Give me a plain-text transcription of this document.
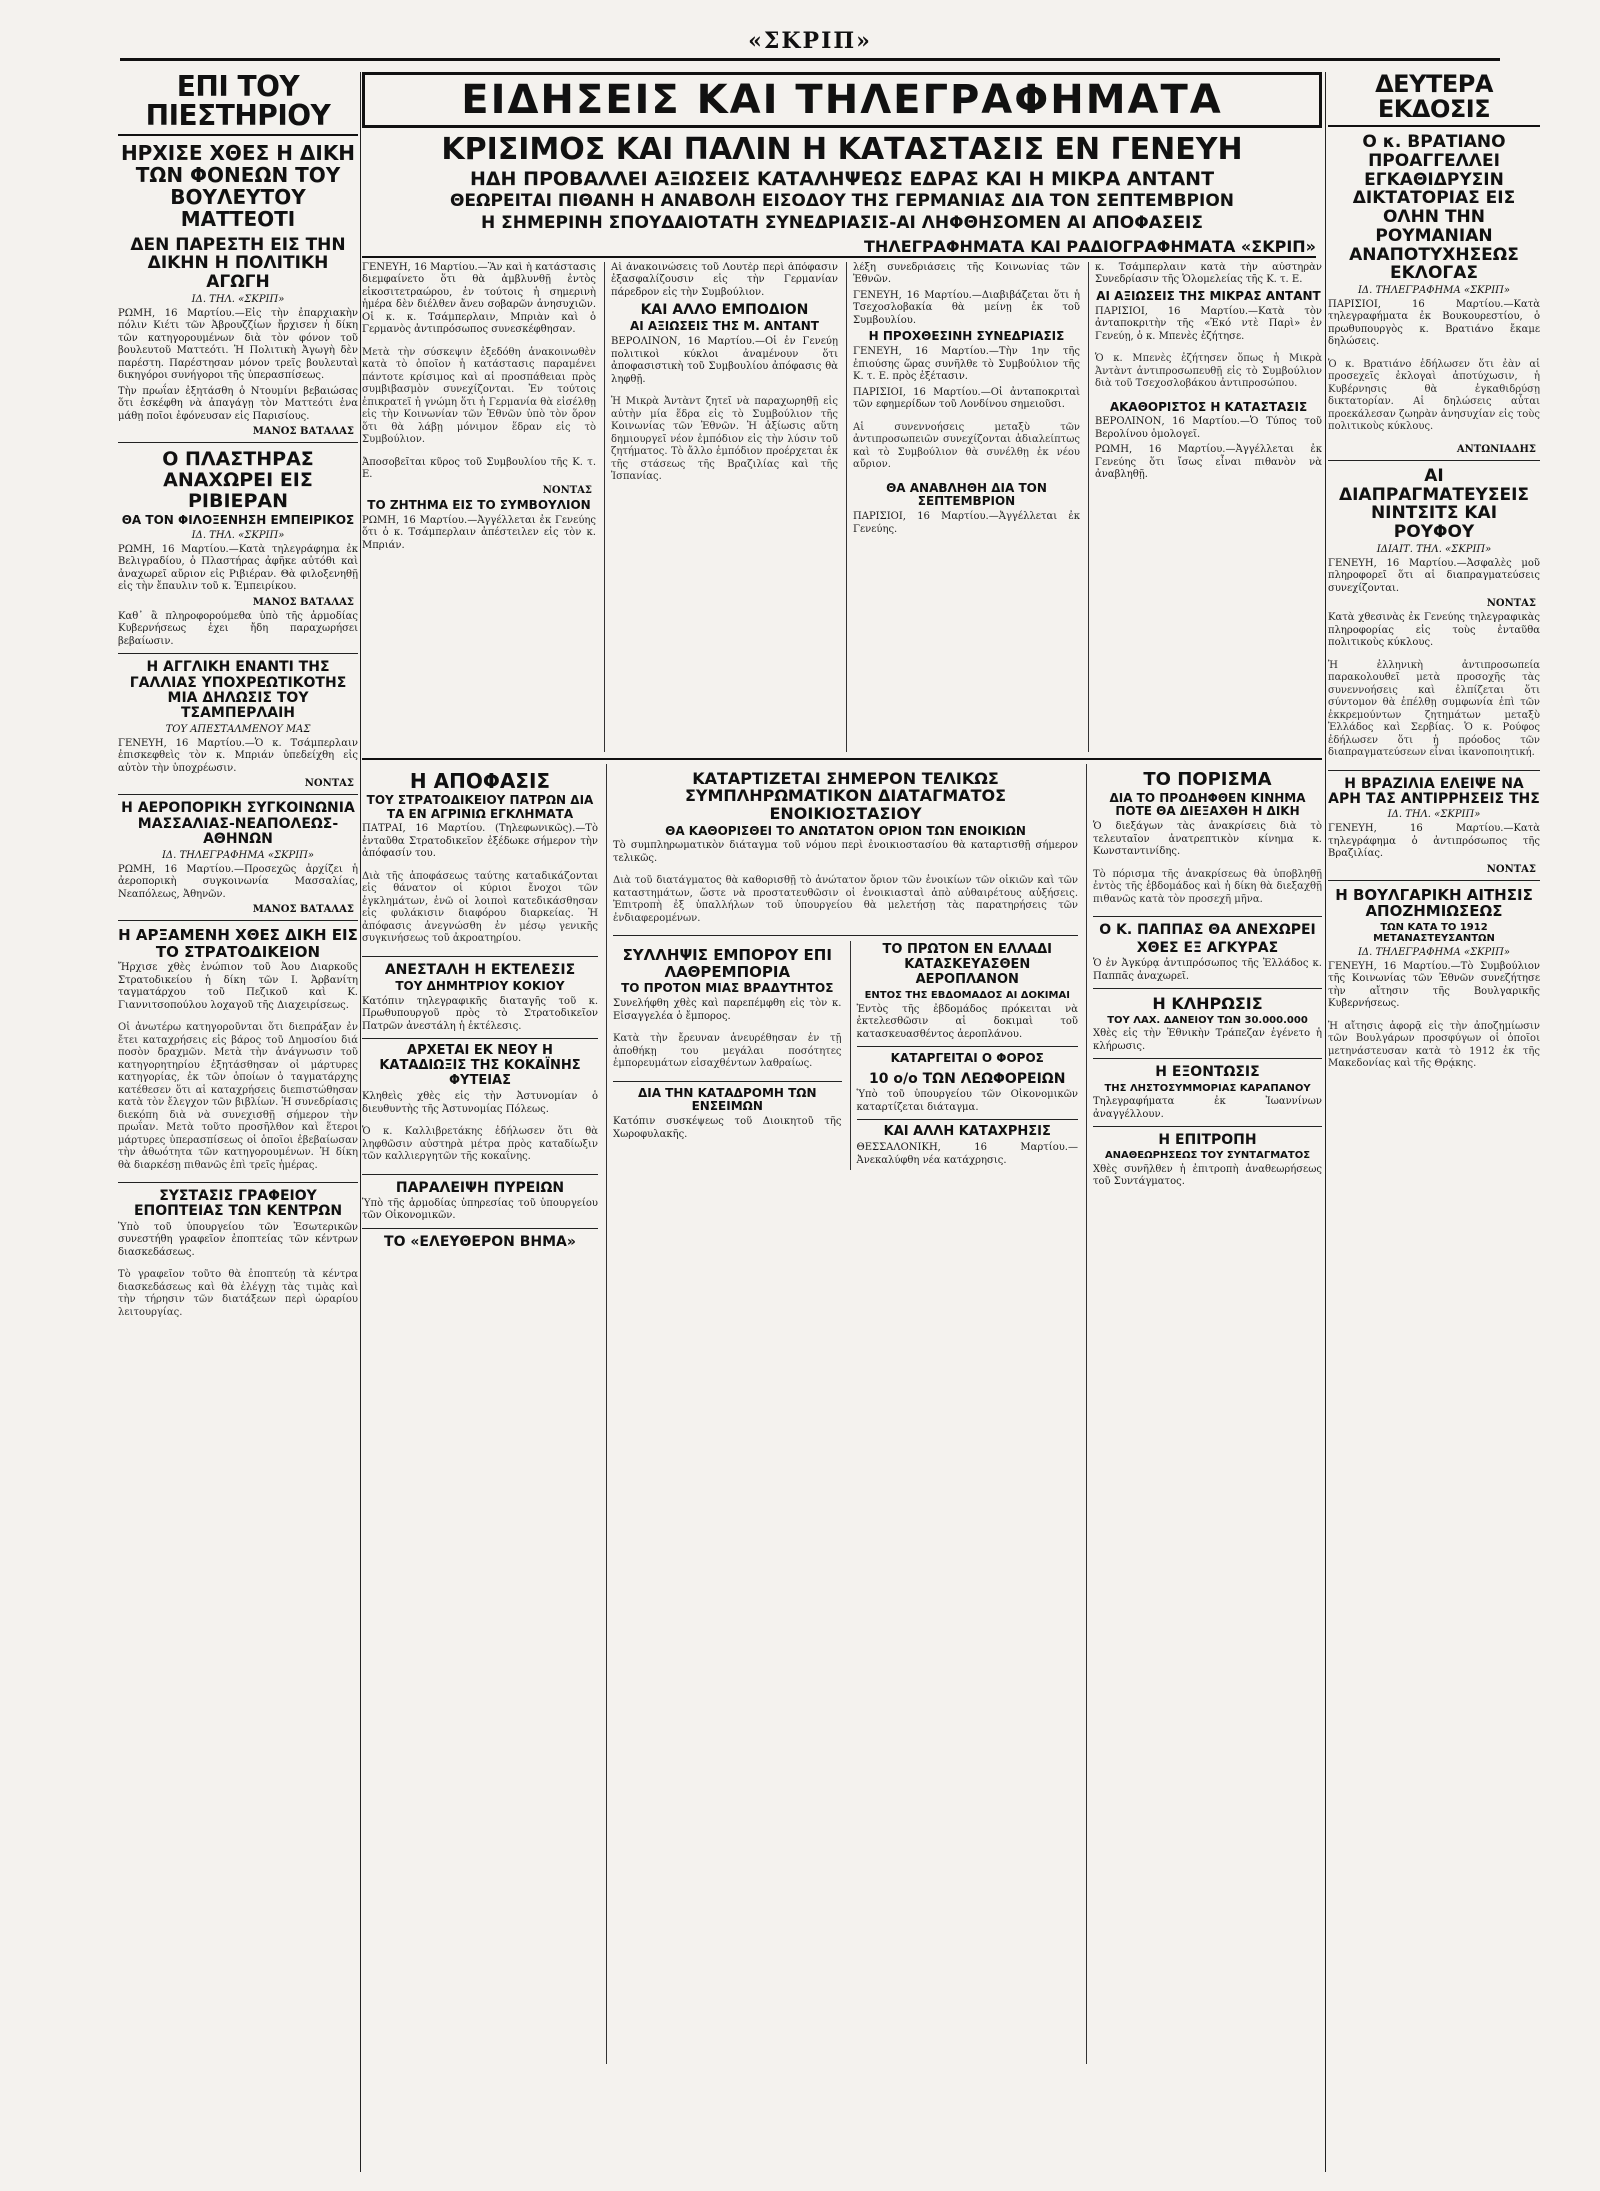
«ΣΚΡΙΠ»
ΕΠΙ ΤΟΥ ΠΙΕΣΤΗΡΙΟΥ
ΗΡΧΙΣΕ ΧΘΕΣ Η ΔΙΚΗ ΤΩΝ ΦΟΝΕΩΝ ΤΟΥ ΒΟΥΛΕΥΤΟΥ ΜΑΤΤΕΟΤΙ
ΔΕΝ ΠΑΡΕΣΤΗ ΕΙΣ ΤΗΝ ΔΙΚΗΝ Η ΠΟΛΙΤΙΚΗ ΑΓΩΓΗ
ΙΔ. ΤΗΛ. «ΣΚΡΙΠ»

ΡΩΜΗ, 16 Μαρτίου.—Εἰς τὴν ἐπαρχιακὴν πόλιν Κιέτι τῶν Ἀβρουζζίων ἤρχισεν ἡ δίκη τῶν κατηγορουμένων διὰ τὸν φόνον τοῦ βουλευτοῦ Ματτεότι. Ἡ Πολιτικὴ Ἀγωγὴ δὲν παρέστη. Παρέστησαν μόνον τρεῖς βουλευταὶ δικηγόροι συνήγοροι τῆς ὑπερασπίσεως.

Τὴν πρωΐαν ἐξητάσθη ὁ Ντουμίνι βεβαιώσας ὅτι ἐσκέφθη νὰ ἀπαγάγῃ τὸν Ματτεότι ἐνα μάθῃ ποῖοι ἐφόνευσαν εἰς Παρισίους.

ΜΑΝΟΣ ΒΑΤΑΛΑΣ
Ο ΠΛΑΣΤΗΡΑΣ ΑΝΑΧΩΡΕΙ ΕΙΣ ΡΙΒΙΕΡΑΝ
ΘΑ ΤΟΝ ΦΙΛΟΞΕΝΗΣΗ ΕΜΠΕΙΡΙΚΟΣ
ΙΔ. ΤΗΛ. «ΣΚΡΙΠ»

ΡΩΜΗ, 16 Μαρτίου.—Κατὰ τηλεγράφημα ἐκ Βελιγραδίου, ὁ Πλαστήρας ἀφῆκε αὐτόθι καὶ ἀναχωρεῖ αὔριον εἰς Ριβιέραν. Θὰ φιλοξενηθῇ εἰς τὴν ἔπαυλιν τοῦ κ. Ἐμπειρίκου.

ΜΑΝΟΣ ΒΑΤΑΛΑΣ

Καθ᾽ ἃ πληροφορούμεθα ὑπὸ τῆς ἀρμοδίας Κυβερνήσεως ἐχει ἤδη παραχωρήσει βεβαίωσιν.

Η ΑΓΓΛΙΚΗ ΕΝΑΝΤΙ ΤΗΣ ΓΑΛΛΙΑΣ ΥΠΟΧΡΕΩΤΙΚΟΤΗΣ ΜΙΑ ΔΗΛΩΣΙΣ ΤΟΥ ΤΣΑΜΠΕΡΛΑΙΗ
ΤΟΥ ΑΠΕΣΤΑΛΜΕΝΟΥ ΜΑΣ

ΓΕΝΕΥΗ, 16 Μαρτίου.—Ὁ κ. Τσάμπερλαιν ἐπισκεφθεὶς τὸν κ. Μπριάν ὑπεδείχθη εἰς αὐτὸν τὴν ὑποχρέωσιν.

ΝΟΝΤΑΣ
Η ΑΕΡΟΠΟΡΙΚΗ ΣΥΓΚΟΙΝΩΝΙΑ ΜΑΣΣΑΛΙΑΣ-ΝΕΑΠΟΛΕΩΣ-ΑΘΗΝΩΝ
ΙΔ. ΤΗΛΕΓΡΑΦΗΜΑ «ΣΚΡΙΠ»

ΡΩΜΗ, 16 Μαρτίου.—Προσεχῶς ἀρχίζει ἡ ἀεροπορικὴ συγκοινωνία Μασσαλίας, Νεαπόλεως, Ἀθηνῶν.

ΜΑΝΟΣ ΒΑΤΑΛΑΣ
Η ΑΡΞΑΜΕΝΗ ΧΘΕΣ ΔΙΚΗ ΕΙΣ ΤΟ ΣΤΡΑΤΟΔΙΚΕΙΟΝ

Ἤρχισε χθὲς ἐνώπιον τοῦ Ἀου Διαρκοῦς Στρατοδικείου ἡ δίκη τῶν Ι. Ἀρβανίτη ταγματάρχου τοῦ Πεζικοῦ καὶ Κ. Γιαννιτσοπούλου λοχαγοῦ τῆς Διαχειρίσεως.

Οἱ ἀνωτέρω κατηγοροῦνται ὅτι διεπράξαν ἐν ἔτει καταχρήσεις εἰς βάρος τοῦ Δημοσίου διά ποσὸν δραχμῶν. Μετὰ τὴν ἀνάγνωσιν τοῦ κατηγορητηρίου ἐξητάσθησαν οἱ μάρτυρες κατηγορίας, ἐκ τῶν ὁποίων ὁ ταγματάρχης κατέθεσεν ὅτι αἱ καταχρήσεις διεπιστώθησαν κατὰ τὸν ἔλεγχον τῶν βιβλίων. Ἡ συνεδρίασις διεκόπη διὰ νὰ συνεχισθῇ σήμερον τὴν πρωΐαν. Μετὰ τοῦτο προσῆλθον καὶ ἕτεροι μάρτυρες ὑπερασπίσεως οἱ ὁποῖοι ἐβεβαίωσαν τὴν ἀθωότητα τῶν κατηγορουμένων. Ἡ δίκη θὰ διαρκέσῃ πιθανῶς ἐπὶ τρεῖς ἡμέρας.

ΣΥΣΤΑΣΙΣ ΓΡΑΦΕΙΟΥ ΕΠΟΠΤΕΙΑΣ ΤΩΝ ΚΕΝΤΡΩΝ

Ὑπὸ τοῦ ὑπουργείου τῶν Ἐσωτερικῶν συνεστήθη γραφεῖον ἐποπτείας τῶν κέντρων διασκεδάσεως.

Τὸ γραφεῖον τοῦτο θὰ ἐποπτεύῃ τὰ κέντρα διασκεδάσεως καὶ θὰ ἐλέγχῃ τὰς τιμὰς καὶ τὴν τήρησιν τῶν διατάξεων περὶ ὡραρίου λειτουργίας.

ΕΙΔΗΣΕΙΣ ΚΑΙ ΤΗΛΕΓΡΑΦΗΜΑΤΑ
ΚΡΙΣΙΜΟΣ ΚΑΙ ΠΑΛΙΝ Η ΚΑΤΑΣΤΑΣΙΣ ΕΝ ΓΕΝΕΥΗ
ΗΔΗ ΠΡΟΒΑΛΛΕΙ ΑΞΙΩΣΕΙΣ ΚΑΤΑΛΗΨΕΩΣ ΕΔΡΑΣ ΚΑΙ Η ΜΙΚΡΑ ΑΝΤΑΝΤ
ΘΕΩΡΕΙΤΑΙ ΠΙΘΑΝΗ Η ΑΝΑΒΟΛΗ ΕΙΣΟΔΟΥ ΤΗΣ ΓΕΡΜΑΝΙΑΣ ΔΙΑ ΤΟΝ ΣΕΠΤΕΜΒΡΙΟΝ
Η ΣΗΜΕΡΙΝΗ ΣΠΟΥΔΑΙΟΤΑΤΗ ΣΥΝΕΔΡΙΑΣΙΣ-ΑΙ ΛΗΦΘΗΣΟΜΕΝ ΑΙ ΑΠΟΦΑΣΕΙΣ
ΤΗΛΕΓΡΑΦΗΜΑΤΑ ΚΑΙ ΡΑΔΙΟΓΡΑΦΗΜΑΤΑ «ΣΚΡΙΠ»

ΓΕΝΕΥΗ, 16 Μαρτίου.—Ἂν καὶ ἡ κατάστασις διεμφαίνετο ὅτι θὰ ἀμβλυνθῇ ἐντὸς εἰκοσιτετραώρου, ἐν τούτοις ἡ σημερινὴ ἡμέρα δὲν διέλθεν ἄνευ σοβαρῶν ἀνησυχιῶν. Οἱ κ. κ. Τσάμπερλαιν, Μπριὰν καὶ ὁ Γερμανὸς ἀντιπρόσωπος συνεσκέφθησαν.

Μετὰ τὴν σύσκεψιν ἐξεδόθη ἀνακοινωθὲν κατὰ τὸ ὁποῖον ἡ κατάστασις παραμένει πάντοτε κρίσιμος καὶ αἱ προσπάθειαι πρὸς συμβιβασμὸν συνεχίζονται. Ἐν τούτοις ἐπικρατεῖ ἡ γνώμη ὅτι ἡ Γερμανία θὰ εἰσέλθῃ εἰς τὴν Κοινωνίαν τῶν Ἐθνῶν ὑπὸ τὸν ὅρον ὅτι θὰ λάβῃ μόνιμον ἕδραν εἰς τὸ Συμβούλιον.

Ἀποσοβεῖται κῦρος τοῦ Συμβουλίου τῆς Κ. τ. Ε.

ΝΟΝΤΑΣ
ΤΟ ΖΗΤΗΜΑ ΕΙΣ ΤΟ ΣΥΜΒΟΥΛΙΟΝ

ΡΩΜΗ, 16 Μαρτίου.—Ἀγγέλλεται ἐκ Γενεύης ὅτι ὁ κ. Τσάμπερλαιν ἀπέστειλεν εἰς τὸν κ. Μπριάν.

Αἱ ἀνακοινώσεις τοῦ Λουτὲρ περὶ ἀπόφασιν ἐξασφαλίζουσιν εἰς τὴν Γερμανίαν πάρεδρον εἰς τὴν Συμβούλιον.

ΚΑΙ ΑΛΛΟ ΕΜΠΟΔΙΟΝ
ΑΙ ΑΞΙΩΣΕΙΣ ΤΗΣ Μ. ΑΝΤΑΝΤ

ΒΕΡΟΛΙΝΟΝ, 16 Μαρτίου.—Οἱ ἐν Γενεύῃ πολιτικοὶ κύκλοι ἀναμένουν ὅτι ἀποφασιστικὴ τοῦ Συμβουλίου ἀπόφασις θὰ ληφθῇ.

Ἡ Μικρὰ Ἀντὰντ ζητεῖ νὰ παραχωρηθῇ εἰς αὐτὴν μία ἕδρα εἰς τὸ Συμβούλιον τῆς Κοινωνίας τῶν Ἐθνῶν. Ἡ ἀξίωσις αὕτη δημιουργεῖ νέον ἐμπόδιον εἰς τὴν λύσιν τοῦ ζητήματος. Τὸ ἄλλο ἐμπόδιον προέρχεται ἐκ τῆς στάσεως τῆς Βραζιλίας καὶ τῆς Ἱσπανίας.

λέξη συνεδριάσεις τῆς Κοινωνίας τῶν Ἐθνῶν.

ΓΕΝΕΥΗ, 16 Μαρτίου.—Διαβιβάζεται ὅτι ἡ Τσεχοσλοβακία θὰ μείνῃ ἐκ τοῦ Συμβουλίου.

Η ΠΡΟΧΘΕΣΙΝΗ ΣΥΝΕΔΡΙΑΣΙΣ

ΓΕΝΕΥΗ, 16 Μαρτίου.—Τὴν 1ην τῆς ἐπιούσης ὥρας συνῆλθε τὸ Συμβούλιον τῆς Κ. τ. Ε. πρὸς ἐξέτασιν.

ΠΑΡΙΣΙΟΙ, 16 Μαρτίου.—Οἱ ἀνταποκριταὶ τῶν εφημερίδων τοῦ Λονδίνου σημειοῦσι.

Αἱ συνεννοήσεις μεταξὺ τῶν ἀντιπροσωπειῶν συνεχίζονται ἀδιαλείπτως καὶ τὸ Συμβούλιον θὰ συνέλθῃ ἐκ νέου αὔριον.

ΘΑ ΑΝΑΒΛΗΘΗ ΔΙΑ ΤΟΝ ΣΕΠΤΕΜΒΡΙΟΝ

ΠΑΡΙΣΙΟΙ, 16 Μαρτίου.—Ἀγγέλλεται ἐκ Γενεύης.

κ. Τσάμπερλαιν κατὰ τὴν αὐστηρὰν Συνεδρίασιν τῆς Ὁλομελείας τῆς Κ. τ. Ε.

ΑΙ ΑΞΙΩΣΕΙΣ ΤΗΣ ΜΙΚΡΑΣ ΑΝΤΑΝΤ

ΠΑΡΙΣΙΟΙ, 16 Μαρτίου.—Κατὰ τὸν ἀνταποκριτὴν τῆς «Ἐκό ντὲ Παρὶ» ἐν Γενεύῃ, ὁ κ. Μπενὲς ἐζήτησε.

Ὁ κ. Μπενὲς ἐζήτησεν ὅπως ἡ Μικρὰ Ἀντὰντ ἀντιπροσωπευθῇ εἰς τὸ Συμβούλιον διὰ τοῦ Τσεχοσλοβάκου ἀντιπροσώπου.

ΑΚΑΘΟΡΙΣΤΟΣ Η ΚΑΤΑΣΤΑΣΙΣ

ΒΕΡΟΛΙΝΟΝ, 16 Μαρτίου.—Ὁ Τύπος τοῦ Βερολίνου ὁμολογεῖ.

ΡΩΜΗ, 16 Μαρτίου.—Ἀγγέλλεται ἐκ Γενεύης ὅτι ἴσως εἶναι πιθανὸν νὰ ἀναβληθῇ.

Η ΑΠΟΦΑΣΙΣ
ΤΟΥ ΣΤΡΑΤΟΔΙΚΕΙΟΥ ΠΑΤΡΩΝ ΔΙΑ ΤΑ ΕΝ ΑΓΡΙΝΙΩ ΕΓΚΛΗΜΑΤΑ

ΠΑΤΡΑΙ, 16 Μαρτίου. (Τηλεφωνικῶς).—Τὸ ἐνταῦθα Στρατοδικεῖον ἐξέδωκε σήμερον τὴν ἀπόφασίν του.

Διὰ τῆς ἀποφάσεως ταύτης καταδικάζονται εἰς θάνατον οἱ κύριοι ἔνοχοι τῶν ἐγκλημάτων, ἐνῶ οἱ λοιποὶ κατεδικάσθησαν εἰς φυλάκισιν διαφόρου διαρκείας. Ἡ ἀπόφασις ἀνεγνώσθη ἐν μέσῳ γενικῆς συγκινήσεως τοῦ ἀκροατηρίου.

ΑΝΕΣΤΑΛΗ Η ΕΚΤΕΛΕΣΙΣ
ΤΟΥ ΔΗΜΗΤΡΙΟΥ ΚΟΚΙΟΥ

Κατόπιν τηλεγραφικῆς διαταγῆς τοῦ κ. Πρωθυπουργοῦ πρὸς τὸ Στρατοδικεῖον Πατρῶν ἀνεστάλη ἡ ἐκτέλεσις.

ΑΡΧΕΤΑΙ ΕΚ ΝΕΟΥ Η ΚΑΤΑΔΙΩΞΙΣ ΤΗΣ ΚΟΚΑΪΝΗΣ ΦΥΤΕΙΑΣ

Κληθεὶς χθὲς εἰς τὴν Ἀστυνομίαν ὁ διευθυντὴς τῆς Ἀστυνομίας Πόλεως.

Ὁ κ. Καλλιβρετάκης ἐδήλωσεν ὅτι θὰ ληφθῶσιν αὐστηρὰ μέτρα πρὸς καταδίωξιν τῶν καλλιεργητῶν τῆς κοκαΐνης.

ΠΑΡΑΛΕΙΨΗ ΠΥΡΕΙΩΝ

Ὑπὸ τῆς ἁρμοδίας ὑπηρεσίας τοῦ ὑπουργείου τῶν Οἰκονομικῶν.

ΤΟ «ΕΛΕΥΘΕΡΟΝ ΒΗΜΑ»
ΚΑΤΑΡΤΙΖΕΤΑΙ ΣΗΜΕΡΟΝ ΤΕΛΙΚΩΣ ΣΥΜΠΛΗΡΩΜΑΤΙΚΟΝ ΔΙΑΤΑΓΜΑΤΟΣ ΕΝΟΙΚΙΟΣΤΑΣΙΟΥ
ΘΑ ΚΑΘΟΡΙΣΘΕΙ ΤΟ ΑΝΩΤΑΤΟΝ ΟΡΙΟΝ ΤΩΝ ΕΝΟΙΚΙΩΝ

Τὸ συμπληρωματικὸν διάταγμα τοῦ νόμου περὶ ἐνοικιοστασίου θὰ καταρτισθῇ σήμερον τελικῶς.

Διὰ τοῦ διατάγματος θὰ καθορισθῇ τὸ ἀνώτατον ὅριον τῶν ἐνοικίων τῶν οἰκιῶν καὶ τῶν καταστημάτων, ὥστε νὰ προστατευθῶσιν οἱ ἐνοικιασταὶ ἀπὸ αὐθαιρέτους αὐξήσεις. Ἐπιτροπὴ ἐξ ὑπαλλήλων τοῦ ὑπουργείου θὰ μελετήσῃ τὰς παρατηρήσεις τῶν ἐνδιαφερομένων.

ΣΥΛΛΗΨΙΣ ΕΜΠΟΡΟΥ ΕΠΙ ΛΑΘΡΕΜΠΟΡΙΑ
ΤΟ ΠΡΟΤΟΝ ΜΙΑΣ ΒΡΑΔΥΤΗΤΟΣ

Συνελήφθη χθὲς καὶ παρεπέμφθη εἰς τὸν κ. Εἰσαγγελέα ὁ ἔμπορος.

Κατὰ τὴν ἔρευναν ἀνευρέθησαν ἐν τῇ ἀποθήκῃ του μεγάλαι ποσότητες ἐμπορευμάτων εἰσαχθέντων λαθραίως.

ΔΙΑ ΤΗΝ ΚΑΤΑΔΡΟΜΗ ΤΩΝ ΕΝΣΕΙΜΩΝ

Κατόπιν συσκέψεως τοῦ Διοικητοῦ τῆς Χωροφυλακῆς.

ΤΟ ΠΡΩΤΟΝ ΕΝ ΕΛΛΑΔΙ ΚΑΤΑΣΚΕΥΑΣΘΕΝ ΑΕΡΟΠΛΑΝΟΝ
ΕΝΤΟΣ ΤΗΣ ΕΒΔΟΜΑΔΟΣ ΑΙ ΔΟΚΙΜΑΙ

Ἐντὸς τῆς ἐβδομάδος πρόκειται νὰ ἐκτελεσθῶσιν αἱ δοκιμαὶ τοῦ κατασκευασθέντος ἀεροπλάνου.

ΚΑΤΑΡΓΕΙΤΑΙ Ο ΦΟΡΟΣ
10 ο/ο ΤΩΝ ΛΕΩΦΟΡΕΙΩΝ

Ὑπὸ τοῦ ὑπουργείου τῶν Οἰκονομικῶν καταρτίζεται διάταγμα.

ΚΑΙ ΑΛΛΗ ΚΑΤΑΧΡΗΣΙΣ

ΘΕΣΣΑΛΟΝΙΚΗ, 16 Μαρτίου.—Ἀνεκαλύφθη νέα κατάχρησις.

ΤΟ ΠΟΡΙΣΜΑ
ΔΙΑ ΤΟ ΠΡΟΔΗΦΘΕΝ ΚΙΝΗΜΑ ΠΟΤΕ ΘΑ ΔΙΕΞΑΧΘΗ Η ΔΙΚΗ

Ὁ διεξάγων τὰς ἀνακρίσεις διὰ τὸ τελευταῖον ἀνατρεπτικὸν κίνημα κ. Κωνσταντινίδης.

Τὸ πόρισμα τῆς ἀνακρίσεως θὰ ὑποβληθῇ ἐντὸς τῆς ἑβδομάδος καὶ ἡ δίκη θὰ διεξαχθῇ πιθανῶς κατὰ τὸν προσεχῆ μῆνα.

Ο Κ. ΠΑΠΠΑΣ ΘΑ ΑΝΕΧΩΡΕΙ
ΧΘΕΣ ΕΞ ΑΓΚΥΡΑΣ

Ὁ ἐν Ἀγκύρᾳ ἀντιπρόσωπος τῆς Ἑλλάδος κ. Παππᾶς ἀναχωρεῖ.

Η ΚΛΗΡΩΣΙΣ
ΤΟΥ ΛΑΧ. ΔΑΝΕΙΟΥ ΤΩΝ 30.000.000

Χθὲς εἰς τὴν Ἐθνικὴν Τράπεζαν ἐγένετο ἡ κλήρωσις.

Η ΕΞΟΝΤΩΣΙΣ
ΤΗΣ ΛΗΣΤΟΣΥΜΜΟΡΙΑΣ ΚΑΡΑΠΑΝΟΥ

Τηλεγραφήματα ἐκ Ἰωαννίνων ἀναγγέλλουν.

Η ΕΠΙΤΡΟΠΗ
ΑΝΑΘΕΩΡΗΣΕΩΣ ΤΟΥ ΣΥΝΤΑΓΜΑΤΟΣ

Χθὲς συνῆλθεν ἡ ἐπιτροπὴ ἀναθεωρήσεως τοῦ Συντάγματος.

ΔΕΥΤΕΡΑ ΕΚΔΟΣΙΣ
Ο κ. ΒΡΑΤΙΑΝΟ ΠΡΟΑΓΓΕΛΛΕΙ ΕΓΚΑΘΙΔΡΥΣΙΝ ΔΙΚΤΑΤΟΡΙΑΣ ΕΙΣ ΟΛΗΝ ΤΗΝ ΡΟΥΜΑΝΙΑΝ ΑΝΑΠΟΤΥΧΗΣΕΩΣ ΕΚΛΟΓΑΣ
ΙΔ. ΤΗΛΕΓΡΑΦΗΜΑ «ΣΚΡΙΠ»

ΠΑΡΙΣΙΟΙ, 16 Μαρτίου.—Κατὰ τηλεγραφήματα ἐκ Βουκουρεστίου, ὁ πρωθυπουργὸς κ. Βρατιάνο ἔκαμε δηλώσεις.

Ὁ κ. Βρατιάνο ἐδήλωσεν ὅτι ἐὰν αἱ προσεχεῖς ἐκλογαὶ ἀποτύχωσιν, ἡ Κυβέρνησις θὰ ἐγκαθιδρύσῃ δικτατορίαν. Αἱ δηλώσεις αὗται προεκάλεσαν ζωηρὰν ἀνησυχίαν εἰς τοὺς πολιτικοὺς κύκλους.

ΑΝΤΩΝΙΑΔΗΣ
ΑΙ ΔΙΑΠΡΑΓΜΑΤΕΥΣΕΙΣ ΝΙΝΤΣΙΤΣ ΚΑΙ ΡΟΥΦΟΥ
ΙΔΙΑΙΤ. ΤΗΛ. «ΣΚΡΙΠ»

ΓΕΝΕΥΗ, 16 Μαρτίου.—Ἀσφαλὲς μοῦ πληροφορεῖ ὅτι αἱ διαπραγματεύσεις συνεχίζονται.

ΝΟΝΤΑΣ

Κατὰ χθεσινὰς ἐκ Γενεύης τηλεγραφικὰς πληροφορίας εἰς τοὺς ἐνταῦθα πολιτικοὺς κύκλους.

Ἡ ἑλληνικὴ ἀντιπροσωπεία παρακολουθεῖ μετὰ προσοχῆς τὰς συνεννοήσεις καὶ ἐλπίζεται ὅτι σύντομον θὰ ἐπέλθῃ συμφωνία ἐπὶ τῶν ἐκκρεμούντων ζητημάτων μεταξὺ Ἑλλάδος καὶ Σερβίας. Ὁ κ. Ρούφος ἐδήλωσεν ὅτι ἡ πρόοδος τῶν διαπραγματεύσεων εἶναι ἱκανοποιητική.

Η ΒΡΑΖΙΛΙΑ ΕΛΕΙΨΕ ΝΑ ΑΡΗ ΤΑΣ ΑΝΤΙΡΡΗΣΕΙΣ ΤΗΣ
ΙΔ. ΤΗΛ. «ΣΚΡΙΠ»

ΓΕΝΕΥΗ, 16 Μαρτίου.—Κατὰ τηλεγράφημα ὁ ἀντιπρόσωπος τῆς Βραζιλίας.

ΝΟΝΤΑΣ
Η ΒΟΥΛΓΑΡΙΚΗ ΑΙΤΗΣΙΣ ΑΠΟΖΗΜΙΩΣΕΩΣ
ΤΩΝ ΚΑΤΑ ΤΟ 1912 ΜΕΤΑΝΑΣΤΕΥΣΑΝΤΩΝ
ΙΔ. ΤΗΛΕΓΡΑΦΗΜΑ «ΣΚΡΙΠ»

ΓΕΝΕΥΗ, 16 Μαρτίου.—Τὸ Συμβούλιον τῆς Κοινωνίας τῶν Ἐθνῶν συνεζήτησε τὴν αἴτησιν τῆς Βουλγαρικῆς Κυβερνήσεως.

Ἡ αἴτησις ἀφορᾷ εἰς τὴν ἀποζημίωσιν τῶν Βουλγάρων προσφύγων οἱ ὁποῖοι μετηνάστευσαν κατὰ τὸ 1912 ἐκ τῆς Μακεδονίας καὶ τῆς Θρᾴκης.
